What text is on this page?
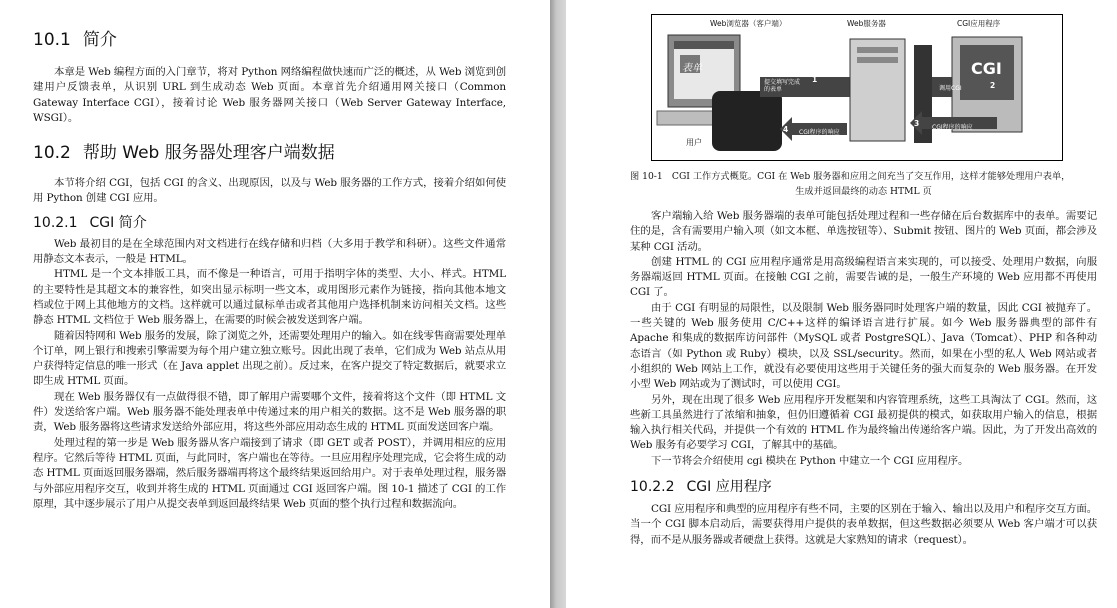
10.1 简介

本章是 Web 编程方面的入门章节，将对 Python 网络编程做快速而广泛的概述，从 Web 浏览到创建用户反馈表单，从识别 URL 到生成动态 Web 页面。本章首先介绍通用网关接口（Common Gateway Interface CGI），接着讨论 Web 服务器网关接口（Web Server Gateway Interface, WSGI）。

10.2 帮助 Web 服务器处理客户端数据

本节将介绍 CGI，包括 CGI 的含义、出现原因，以及与 Web 服务器的工作方式，接着介绍如何使用 Python 创建 CGI 应用。

10.2.1 CGI 简介

Web 最初目的是在全球范围内对文档进行在线存储和归档（大多用于教学和科研）。这些文件通常用静态文本表示，一般是 HTML。

HTML 是一个文本排版工具，而不像是一种语言，可用于指明字体的类型、大小、样式。HTML 的主要特性是其超文本的兼容性，如突出显示标明一些文本，或用图形元素作为链接，指向其他本地文档或位于网上其他地方的文档。这样就可以通过鼠标单击或者其他用户选择机制来访问相关文档。这些静态 HTML 文档位于 Web 服务器上，在需要的时候会被发送到客户端。

随着因特网和 Web 服务的发展，除了浏览之外，还需要处理用户的输入。如在线零售商需要处理单个订单，网上银行和搜索引擎需要为每个用户建立独立账号。因此出现了表单，它们成为 Web 站点从用户获得特定信息的唯一形式（在 Java applet 出现之前）。反过来，在客户提交了特定数据后，就要求立即生成 HTML 页面。

现在 Web 服务器仅有一点做得很不错，即了解用户需要哪个文件，接着将这个文件（即 HTML 文件）发送给客户端。Web 服务器不能处理表单中传递过来的用户相关的数据。这不是 Web 服务器的职责，Web 服务器将这些请求发送给外部应用，将这些外部应用动态生成的 HTML 页面发送回客户端。

处理过程的第一步是 Web 服务器从客户端接到了请求（即 GET 或者 POST），并调用相应的应用程序。它然后等待 HTML 页面，与此同时，客户端也在等待。一旦应用程序处理完成，它会将生成的动态 HTML 页面返回服务器端，然后服务器端再将这个最终结果返回给用户。对于表单处理过程，服务器与外部应用程序交互，收到并将生成的 HTML 页面通过 CGI 返回客户端。图 10-1 描述了 CGI 的工作原理，其中逐步展示了用户从提交表单到返回最终结果 Web 页面的整个执行过程和数据流向。

Web浏览器（客户端）	Web服务器	CGI应用程序
CGI
表单
用户
提交填写完成的表单	调用CGI
CGI程序的响应
CGI程序的响应
1
2
3
4

图 10-1　CGI 工作方式概览。CGI 在 Web 服务器和应用之间充当了交互作用，这样才能够处理用户表单，

生成并返回最终的动态 HTML 页

客户端输入给 Web 服务器端的表单可能包括处理过程和一些存储在后台数据库中的表单。需要记住的是，含有需要用户输入项（如文本框、单选按钮等）、Submit 按钮、图片的 Web 页面，都会涉及某种 CGI 活动。

创建 HTML 的 CGI 应用程序通常是用高级编程语言来实现的，可以接受、处理用户数据，向服务器端返回 HTML 页面。在接触 CGI 之前，需要告诫的是，一般生产环境的 Web 应用都不再使用 CGI 了。

由于 CGI 有明显的局限性，以及限制 Web 服务器同时处理客户端的数量，因此 CGI 被抛弃了。一些关键的 Web 服务使用 C/C++这样的编译语言进行扩展。如今 Web 服务器典型的部件有 Apache 和集成的数据库访问部件（MySQL 或者 PostgreSQL）、Java（Tomcat）、PHP 和各种动态语言（如 Python 或 Ruby）模块，以及 SSL/security。然而，如果在小型的私人 Web 网站或者小组织的 Web 网站上工作，就没有必要使用这些用于关键任务的强大而复杂的 Web 服务器。在开发小型 Web 网站或为了测试时，可以使用 CGI。

另外，现在出现了很多 Web 应用程序开发框架和内容管理系统，这些工具淘汰了 CGI。然而，这些新工具虽然进行了浓缩和抽象，但仍旧遵循着 CGI 最初提供的模式，如获取用户输入的信息，根据输入执行相关代码，并提供一个有效的 HTML 作为最终输出传递给客户端。因此，为了开发出高效的 Web 服务有必要学习 CGI，了解其中的基础。

下一节将会介绍使用 cgi 模块在 Python 中建立一个 CGI 应用程序。

10.2.2 CGI 应用程序

CGI 应用程序和典型的应用程序有些不同，主要的区别在于输入、输出以及用户和程序交互方面。当一个 CGI 脚本启动后，需要获得用户提供的表单数据，但这些数据必须要从 Web 客户端才可以获得，而不是从服务器或者硬盘上获得。这就是大家熟知的请求（request）。
